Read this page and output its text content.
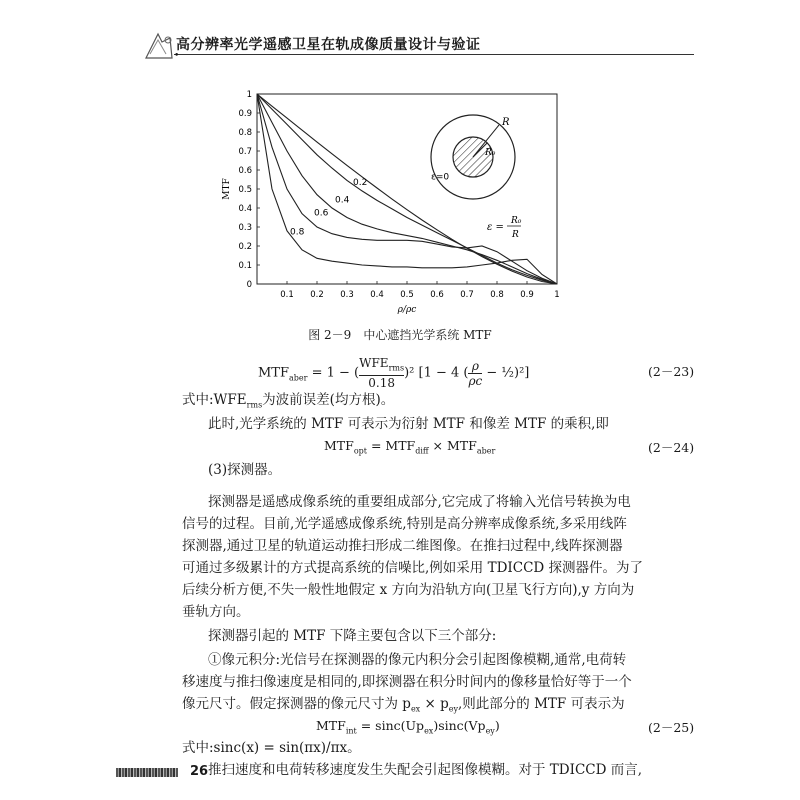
高分辨率光学遥感卫星在轨成像质量设计与验证
•
0
0.1
0.2
0.3
0.4
0.5
0.6
0.7
0.8
0.9
1
0.1 0.2 0.3 0.4 0.5 0.6 0.7 0.8 0.9 1
ρ/ρc
MTF
ε=0
0.2
0.4
0.6
0.8
R
R₀
ε =
R₀
R
图 2－9　中心遮挡光学系统 MTF
$MTF_{aber} = 1$ − (
$WFE_{rms}$
0.18
)² [1 − 4 ( $\frac{\rho}{\rho c}$ − ½)²]	(2－23)
式中$:WFE_{rms}$为波前误差(均方根)。
此时,光学系统的 MTF 可表示为衍射 MTF 和像差 MTF 的乘积,即
$MTF_{opt} = MTF_{diff} \times MTF_{aber}$	(2－24)
(3)探测器。
探测器是遥感成像系统的重要组成部分,它完成了将输入光信号转换为电
信号的过程。目前,光学遥感成像系统,特别是高分辨率成像系统,多采用线阵
探测器,通过卫星的轨道运动推扫形成二维图像。在推扫过程中,线阵探测器
可通过多级累计的方式提高系统的信噪比,例如采用 TDICCD 探测器件。为了
后续分析方便,不失一般性地假定 x 方向为沿轨方向(卫星飞行方向),y 方向为
垂轨方向。
探测器引起的 MTF 下降主要包含以下三个部分:
①像元积分:光信号在探测器的像元内积分会引起图像模糊,通常,电荷转
移速度与推扫像速度是相同的,即探测器在积分时间内的像移量恰好等于一个
像元尺寸。假定探测器的像元尺寸为 $p_{ex} \times p_{ey}$,则此部分的 MTF 可表示为
$MTF_{int} = \sin c(Up_{ex})\sin c(Vp_{ey})$	(2－25)
式中:sinc(x) = sin(πx)/πx。
推扫速度和电荷转移速度发生失配会引起图像模糊。对于 TDICCD 而言,
26
